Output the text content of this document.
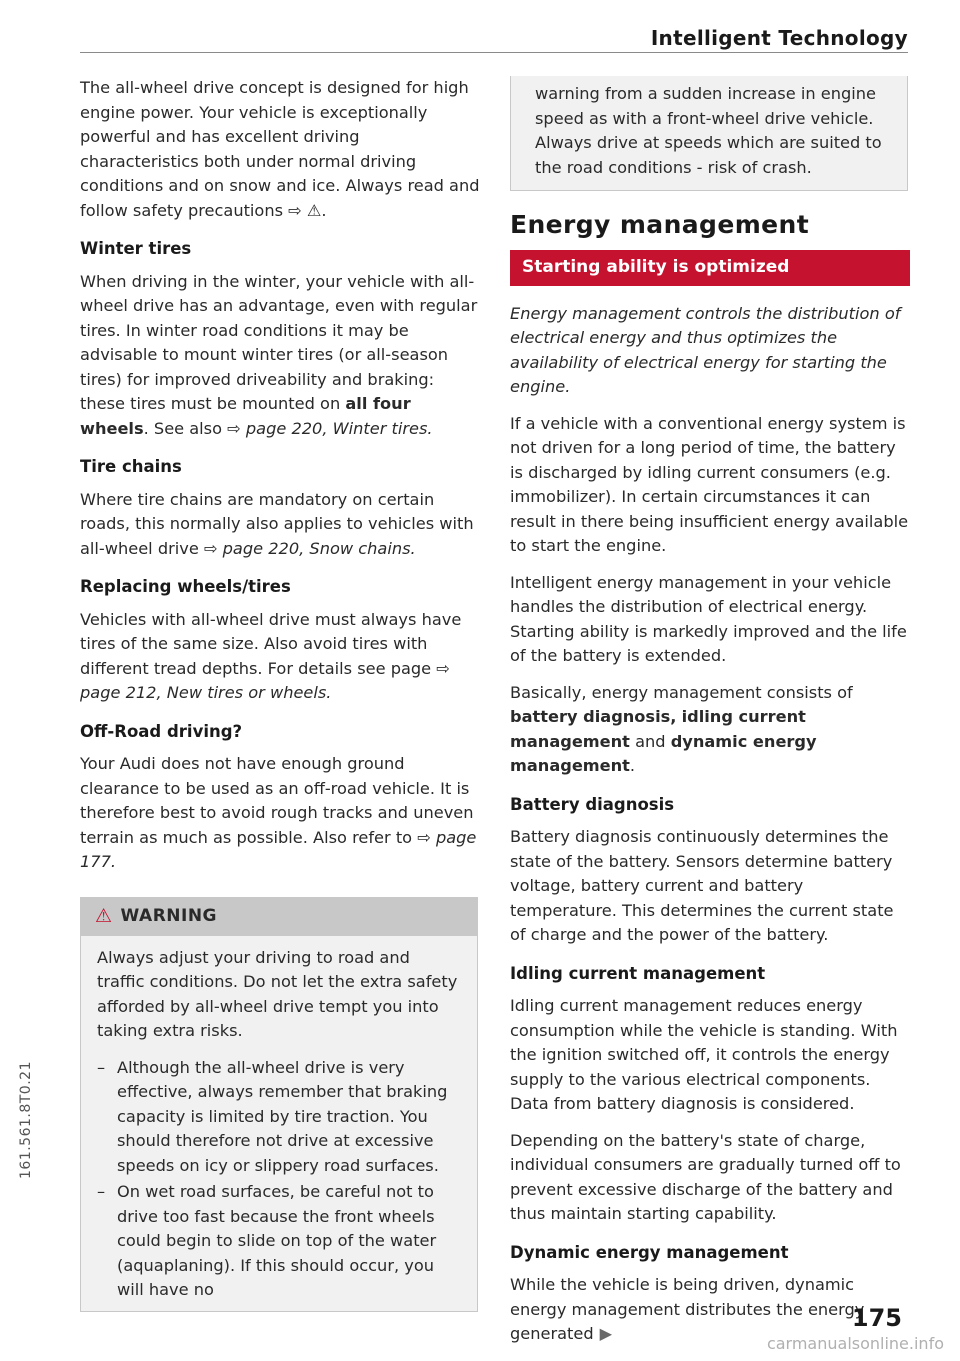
Intelligent Technology

The all-wheel drive concept is designed for high engine power. Your vehicle is exceptionally powerful and has excellent driving characteristics both under normal driving conditions and on snow and ice. Always read and follow safety precautions ⇨ ⚠.

Winter tires

When driving in the winter, your vehicle with all-wheel drive has an advantage, even with regular tires. In winter road conditions it may be advisable to mount winter tires (or all-season tires) for improved driveability and braking: these tires must be mounted on all four wheels. See also ⇨ page 220, Winter tires.

Tire chains

Where tire chains are mandatory on certain roads, this normally also applies to vehicles with all-wheel drive ⇨ page 220, Snow chains.

Replacing wheels/tires

Vehicles with all-wheel drive must always have tires of the same size. Also avoid tires with different tread depths. For details see page ⇨ page 212, New tires or wheels.

Off-Road driving?

Your Audi does not have enough ground clearance to be used as an off-road vehicle. It is therefore best to avoid rough tracks and uneven terrain as much as possible. Also refer to ⇨ page 177.

⚠ WARNING

Always adjust your driving to road and traffic conditions. Do not let the extra safety afforded by all-wheel drive tempt you into taking extra risks.

– Although the all-wheel drive is very effective, always remember that braking capacity is limited by tire traction. You should therefore not drive at excessive speeds on icy or slippery road surfaces.
– On wet road surfaces, be careful not to drive too fast because the front wheels could begin to slide on top of the water (aquaplaning). If this should occur, you will have no
warning from a sudden increase in engine speed as with a front-wheel drive vehicle. Always drive at speeds which are suited to the road conditions - risk of crash.
Energy management
Starting ability is optimized

Energy management controls the distribution of electrical energy and thus optimizes the availability of electrical energy for starting the engine.

If a vehicle with a conventional energy system is not driven for a long period of time, the battery is discharged by idling current consumers (e.g. immobilizer). In certain circumstances it can result in there being insufficient energy available to start the engine.

Intelligent energy management in your vehicle handles the distribution of electrical energy. Starting ability is markedly improved and the life of the battery is extended.

Basically, energy management consists of battery diagnosis, idling current management and dynamic energy management.

Battery diagnosis

Battery diagnosis continuously determines the state of the battery. Sensors determine battery voltage, battery current and battery temperature. This determines the current state of charge and the power of the battery.

Idling current management

Idling current management reduces energy consumption while the vehicle is standing. With the ignition switched off, it controls the energy supply to the various electrical components. Data from battery diagnosis is considered.

Depending on the battery's state of charge, individual consumers are gradually turned off to prevent excessive discharge of the battery and thus maintain starting capability.

Dynamic energy management

While the vehicle is being driven, dynamic energy management distributes the energy generated ▶

161.561.8T0.21
175
carmanualsonline.info
